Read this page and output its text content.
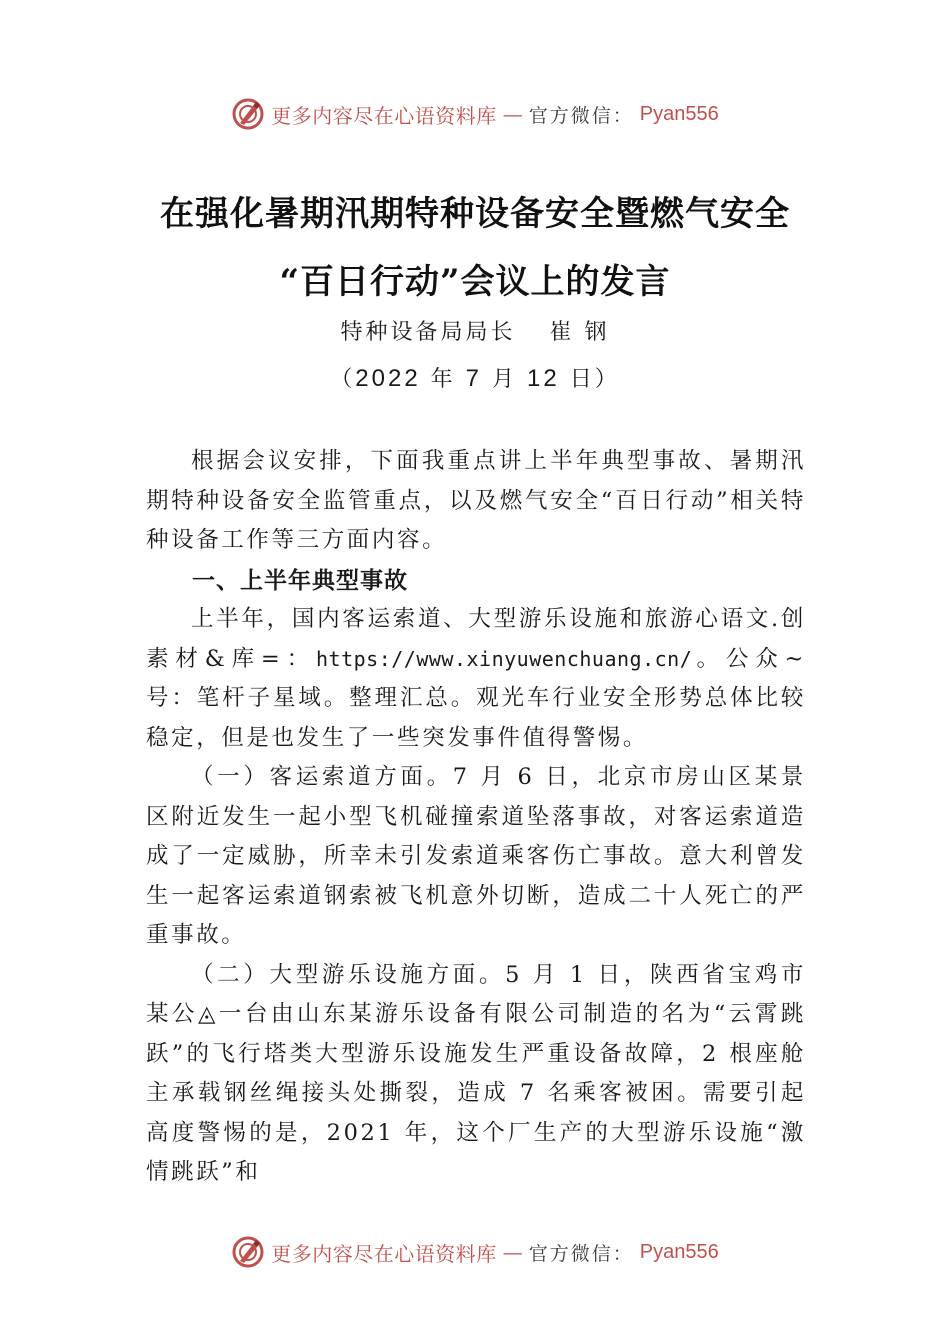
更多内容尽在心语资料库 — 官方微信： Pyan556
在强化暑期汛期特种设备安全暨燃气安全
“百日行动”会议上的发言
特种设备局局长 崔 钢
（2022 年 7 月 12 日）

根据会议安排，下面我重点讲上半年典型事故、暑期汛期特种设备安全监管重点，以及燃气安全“百日行动”相关特种设备工作等三方面内容。

一、上半年典型事故

上半年，国内客运索道、大型游乐设施和旅游心语文.创素材&库=：https://www.xinyuwenchuang.cn/。公众~号：笔杆子星域。整理汇总。观光车行业安全形势总体比较稳定，但是也发生了一些突发事件值得警惕。

（一）客运索道方面。7 月 6 日，北京市房山区某景区附近发生一起小型飞机碰撞索道坠落事故，对客运索道造成了一定威胁，所幸未引发索道乘客伤亡事故。意大利曾发生一起客运索道钢索被飞机意外切断，造成二十人死亡的严重事故。

（二）大型游乐设施方面。5 月 1 日，陕西省宝鸡市某公◬一台由山东某游乐设备有限公司制造的名为“云霄跳跃”的飞行塔类大型游乐设施发生严重设备故障，2 根座舱主承载钢丝绳接头处撕裂，造成 7 名乘客被困。需要引起高度警惕的是，2021 年，这个厂生产的大型游乐设施“激情跳跃”和

更多内容尽在心语资料库 — 官方微信： Pyan556
